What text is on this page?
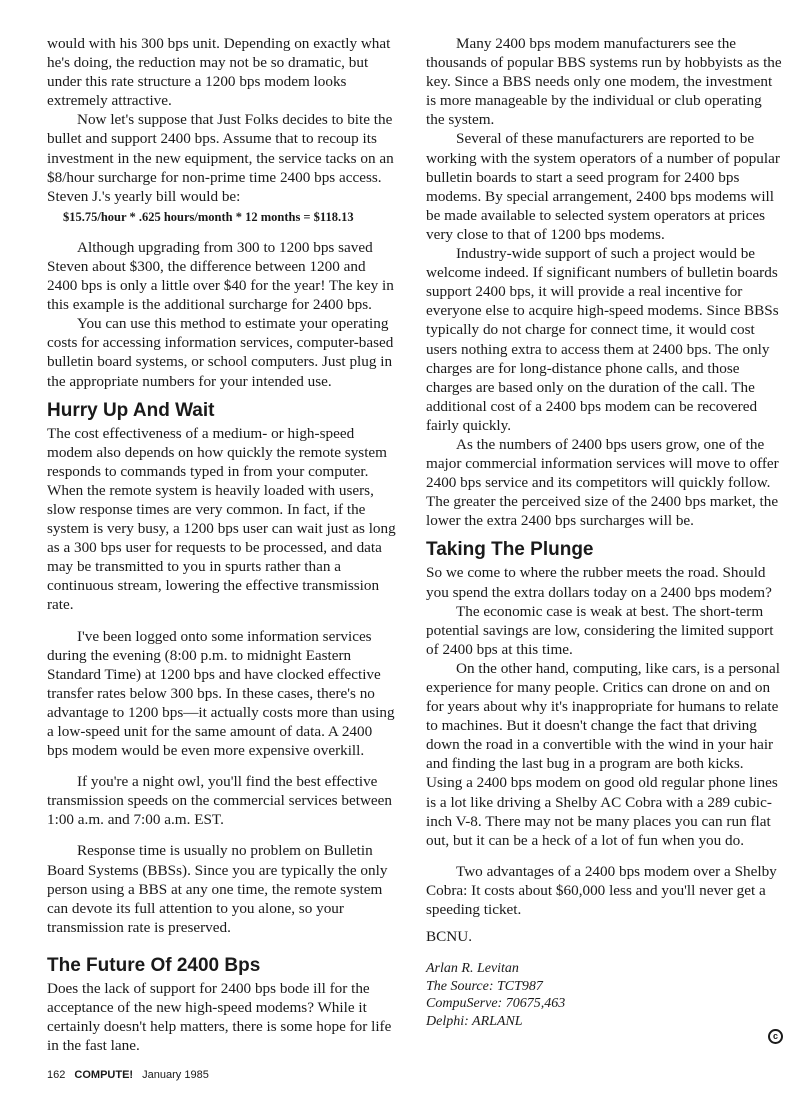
would with his 300 bps unit. Depending on exactly what he's doing, the reduction may not be so dramatic, but under this rate structure a 1200 bps modem looks extremely attractive.

Now let's suppose that Just Folks decides to bite the bullet and support 2400 bps. Assume that to recoup its investment in the new equipment, the service tacks on an $8/hour surcharge for non-prime time 2400 bps access. Steven J.'s yearly bill would be:

$15.75/hour * .625 hours/month * 12 months = $118.13

Although upgrading from 300 to 1200 bps saved Steven about $300, the difference between 1200 and 2400 bps is only a little over $40 for the year! The key in this example is the additional surcharge for 2400 bps.

You can use this method to estimate your operating costs for accessing information services, computer-based bulletin board systems, or school computers. Just plug in the appropriate numbers for your intended use.

Hurry Up And Wait

The cost effectiveness of a medium- or high-speed modem also depends on how quickly the remote system responds to commands typed in from your computer. When the remote system is heavily loaded with users, slow response times are very common. In fact, if the system is very busy, a 1200 bps user can wait just as long as a 300 bps user for requests to be processed, and data may be transmitted to you in spurts rather than a continuous stream, lowering the effective transmission rate.

I've been logged onto some information services during the evening (8:00 p.m. to midnight Eastern Standard Time) at 1200 bps and have clocked effective transfer rates below 300 bps. In these cases, there's no advantage to 1200 bps—it actually costs more than using a low-speed unit for the same amount of data. A 2400 bps modem would be even more expensive overkill.

If you're a night owl, you'll find the best effective transmission speeds on the commercial services between 1:00 a.m. and 7:00 a.m. EST.

Response time is usually no problem on Bulletin Board Systems (BBSs). Since you are typically the only person using a BBS at any one time, the remote system can devote its full attention to you alone, so your transmission rate is preserved.

The Future Of 2400 Bps

Does the lack of support for 2400 bps bode ill for the acceptance of the new high-speed modems? While it certainly doesn't help matters, there is some hope for life in the fast lane.

Many 2400 bps modem manufacturers see the thousands of popular BBS systems run by hobbyists as the key. Since a BBS needs only one modem, the investment is more manageable by the individual or club operating the system.

Several of these manufacturers are reported to be working with the system operators of a number of popular bulletin boards to start a seed program for 2400 bps modems. By special arrangement, 2400 bps modems will be made available to selected system operators at prices very close to that of 1200 bps modems.

Industry-wide support of such a project would be welcome indeed. If significant numbers of bulletin boards support 2400 bps, it will provide a real incentive for everyone else to acquire high-speed modems. Since BBSs typically do not charge for connect time, it would cost users nothing extra to access them at 2400 bps. The only charges are for long-distance phone calls, and those charges are based only on the duration of the call. The additional cost of a 2400 bps modem can be recovered fairly quickly.

As the numbers of 2400 bps users grow, one of the major commercial information services will move to offer 2400 bps service and its competitors will quickly follow. The greater the perceived size of the 2400 bps market, the lower the extra 2400 bps surcharges will be.

Taking The Plunge

So we come to where the rubber meets the road. Should you spend the extra dollars today on a 2400 bps modem?

The economic case is weak at best. The short-term potential savings are low, considering the limited support of 2400 bps at this time.

On the other hand, computing, like cars, is a personal experience for many people. Critics can drone on and on for years about why it's inappropriate for humans to relate to machines. But it doesn't change the fact that driving down the road in a convertible with the wind in your hair and finding the last bug in a program are both kicks. Using a 2400 bps modem on good old regular phone lines is a lot like driving a Shelby AC Cobra with a 289 cubic-inch V-8. There may not be many places you can run flat out, but it can be a heck of a lot of fun when you do.

Two advantages of a 2400 bps modem over a Shelby Cobra: It costs about $60,000 less and you'll never get a speeding ticket.

BCNU.

Arlan R. Levitan
The Source: TCT987
CompuServe: 70675,463
Delphi: ARLANL
c
162 COMPUTE! January 1985
